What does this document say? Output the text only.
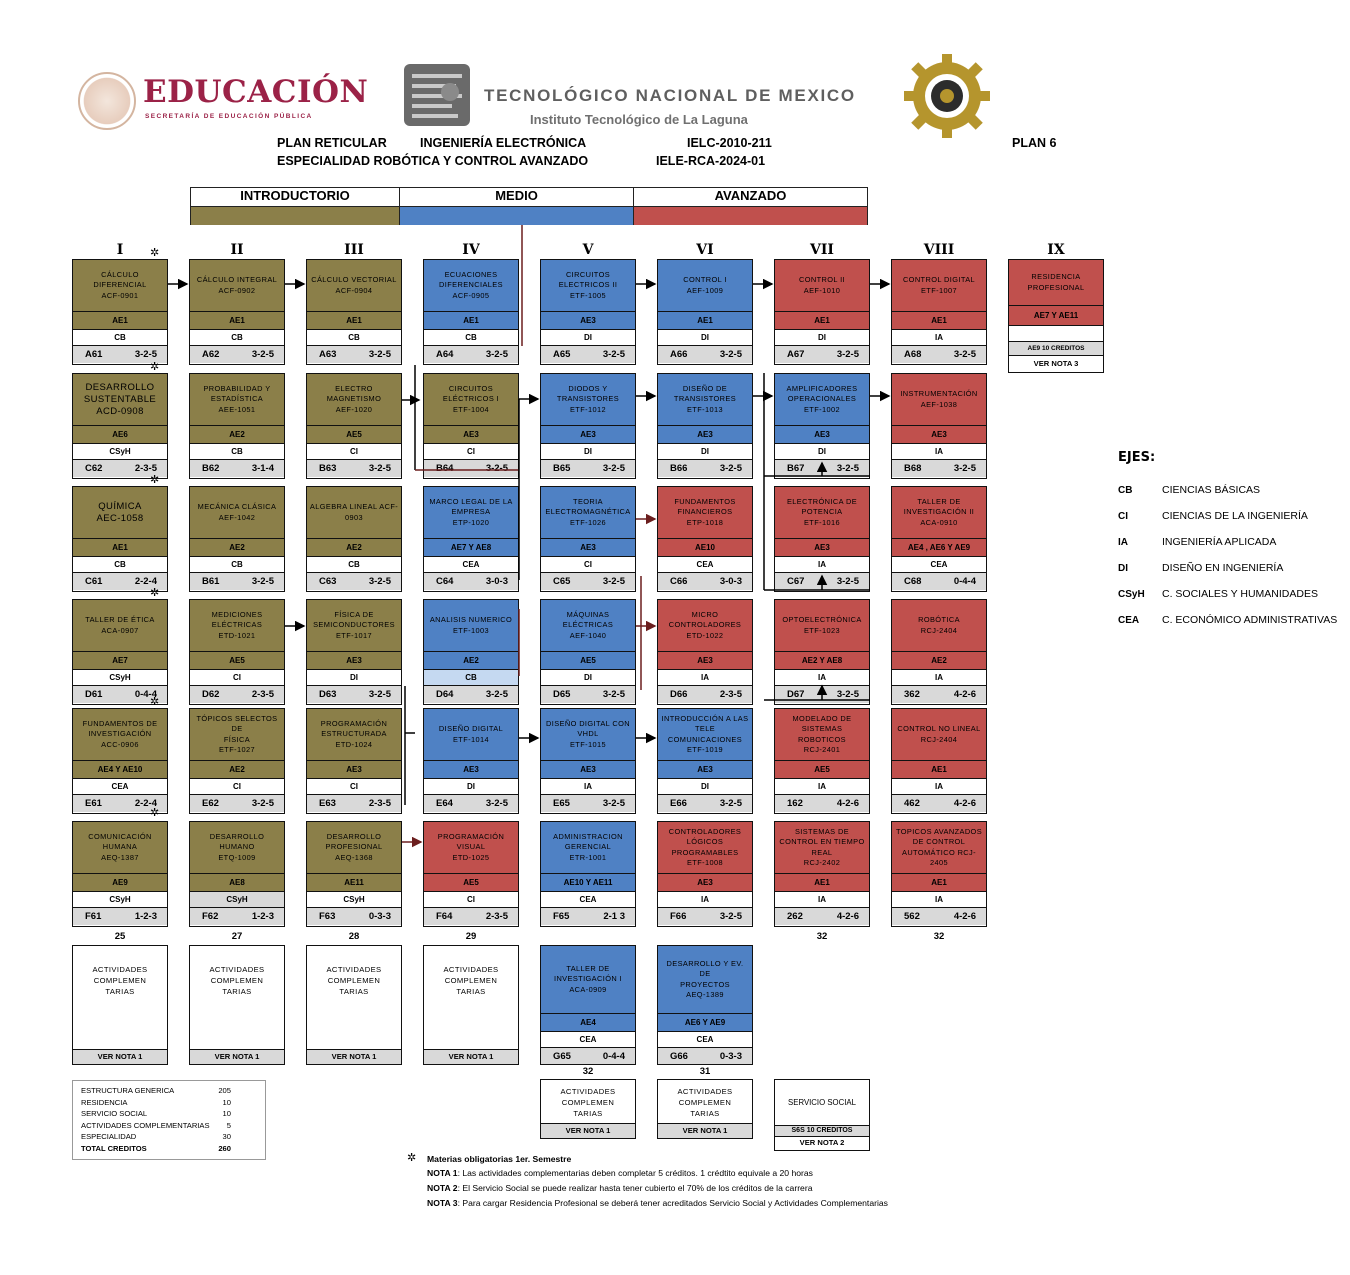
EDUCACIÓN
SECRETARÍA DE EDUCACIÓN PÚBLICA
TECNOLÓGICO NACIONAL DE MEXICO
Instituto Tecnológico de La Laguna
PLAN RETICULAR	INGENIERÍA ELECTRÓNICA	IELC-2010-211	PLAN 6
ESPECIALIDAD ROBÓTICA Y CONTROL AVANZADO	IELE-RCA-2024-01
INTRODUCTORIO	MEDIO	AVANZADO
I	II	III	IV	V	VI	VII	VIII	IX
CÁLCULO DIFERENCIAL
ACF-0901
AE1
CB
A61	3-2-5
CÁLCULO INTEGRAL
ACF-0902
AE1
CB
A62	3-2-5
CÁLCULO VECTORIAL
ACF-0904
AE1
CB
A63	3-2-5
ECUACIONES
DIFERENCIALES
ACF-0905
AE1
CB
A64	3-2-5
CIRCUITOS
ELECTRICOS II
ETF-1005
AE3
DI
A65	3-2-5
CONTROL I
AEF-1009
AE1
DI
A66	3-2-5
CONTROL II
AEF-1010
AE1
DI
A67	3-2-5
CONTROL DIGITAL
ETF-1007
AE1
IA
A68	3-2-5
DESARROLLO
SUSTENTABLE
ACD-0908
AE6
CSyH
C62	2-3-5
PROBABILIDAD Y
ESTADÍSTICA
AEE-1051
AE2
CB
B62	3-1-4
ELECTRO
MAGNETISMO
AEF-1020
AE5
CI
B63	3-2-5
CIRCUITOS
ELÉCTRICOS I
ETF-1004
AE3
CI
B64	3-2-5
DIODOS Y
TRANSISTORES
ETF-1012
AE3
DI
B65	3-2-5
DISEÑO DE
TRANSISTORES
ETF-1013
AE3
DI
B66	3-2-5
AMPLIFICADORES
OPERACIONALES
ETF-1002
AE3
DI
B67	3-2-5
INSTRUMENTACIÓN
AEF-1038
AE3
IA
B68	3-2-5
QUÍMICA
AEC-1058
AE1
CB
C61	2-2-4
MECÁNICA CLÁSICA
AEF-1042
AE2
CB
B61	3-2-5
ALGEBRA LINEAL ACF-
0903
AE2
CB
C63	3-2-5
MARCO LEGAL DE LA
EMPRESA
ETP-1020
AE7 Y AE8
CEA
C64	3-0-3
TEORIA
ELECTROMAGNÉTICA
ETF-1026
AE3
CI
C65	3-2-5
FUNDAMENTOS
FINANCIEROS
ETP-1018
AE10
CEA
C66	3-0-3
ELECTRÓNICA DE
POTENCIA
ETF-1016
AE3
IA
C67	3-2-5
TALLER DE
INVESTIGACIÓN II
ACA-0910
AE4 , AE6 Y AE9
CEA
C68	0-4-4
TALLER DE ÉTICA
ACA-0907
AE7
CSyH
D61	0-4-4
MEDICIONES
ELÉCTRICAS
ETD-1021
AE5
CI
D62	2-3-5
FÍSICA DE
SEMICONDUCTORES
ETF-1017
AE3
DI
D63	3-2-5
ANALISIS NUMERICO
ETF-1003
AE2
CB
D64	3-2-5
MÁQUINAS
ELÉCTRICAS
AEF-1040
AE5
DI
D65	3-2-5
MICRO
CONTROLADORES
ETD-1022
AE3
IA
D66	2-3-5
OPTOELECTRÓNICA
ETF-1023
AE2 Y AE8
IA
D67	3-2-5
ROBÓTICA
RCJ-2404
AE2
IA
362	4-2-6
FUNDAMENTOS DE
INVESTIGACIÓN
ACC-0906
AE4 Y AE10
CEA
E61	2-2-4
TÓPICOS SELECTOS DE
FÍSICA
ETF-1027
AE2
CI
E62	3-2-5
PROGRAMACIÓN
ESTRUCTURADA
ETD-1024
AE3
CI
E63	2-3-5
DISEÑO DIGITAL
ETF-1014
AE3
DI
E64	3-2-5
DISEÑO DIGITAL CON
VHDL
ETF-1015
AE3
IA
E65	3-2-5
INTRODUCCIÓN A LAS
TELE
COMUNICACIONES
ETF-1019
AE3
DI
E66	3-2-5
MODELADO DE
SISTEMAS ROBOTICOS
RCJ-2401
AE5
IA
162	4-2-6
CONTROL NO LINEAL
RCJ-2404
AE1
IA
462	4-2-6
COMUNICACIÓN
HUMANA
AEQ-1387
AE9
CSyH
F61	1-2-3
DESARROLLO HUMANO
ETQ-1009
AE8
CSyH
F62	1-2-3
DESARROLLO
PROFESIONAL
AEQ-1368
AE11
CSyH
F63	0-3-3
PROGRAMACIÓN
VISUAL
ETD-1025
AE5
CI
F64	2-3-5
ADMINISTRACION
GERENCIAL
ETR-1001
AE10 Y AE11
CEA
F65	2-1 3
CONTROLADORES
LÓGICOS
PROGRAMABLES
ETF-1008
AE3
IA
F66	3-2-5
SISTEMAS DE
CONTROL EN TIEMPO
REAL
RCJ-2402
AE1
IA
262	4-2-6
TOPICOS AVANZADOS
DE CONTROL
AUTOMÁTICO RCJ-
2405
AE1
IA
562	4-2-6
RESIDENCIA
PROFESIONAL
AE7 Y AE11
AE9 10 CREDITOS
VER NOTA 3
25	27	28	29	32	32
ACTIVIDADES
COMPLEMEN
TARIAS
VER NOTA 1
ACTIVIDADES
COMPLEMEN
TARIAS
VER NOTA 1
ACTIVIDADES
COMPLEMEN
TARIAS
VER NOTA 1
ACTIVIDADES
COMPLEMEN
TARIAS
VER NOTA 1
ACTIVIDADES
COMPLEMEN
TARIAS
VER NOTA 1
ACTIVIDADES
COMPLEMEN
TARIAS
VER NOTA 1
TALLER DE
INVESTIGACIÓN I
ACA-0909
AE4
CEA
G65	0-4-4
DESARROLLO Y EV. DE
PROYECTOS
AEQ-1389
AE6 Y AE9
CEA
G66	0-3-3
32	31
SERVICIO SOCIAL
S6S 10 CREDITOS
VER NOTA 2
ESTRUCTURA GENERICA	205
RESIDENCIA	10
SERVICIO SOCIAL	10
ACTIVIDADES COMPLEMENTARIAS 5
ESPECIALIDAD	30
TOTAL CREDITOS	260
✲ Materias obligatorias 1er. Semestre
NOTA 1: Las actividades complementarias deben completar 5 créditos. 1 crédtito equivale a 20 horas
NOTA 2: El Servicio Social se puede realizar hasta tener cubierto el 70% de los créditos de la carrera
NOTA 3: Para cargar Residencia Profesional se deberá tener acreditados Servicio Social y Actividades Complementarias
EJES:
CB	CIENCIAS BÁSICAS
CI	CIENCIAS DE LA INGENIERÍA
IA	INGENIERÍA APLICADA
DI	DISEÑO EN INGENIERÍA
CSyH C. SOCIALES Y HUMANIDADES
CEA C. ECONÓMICO ADMINISTRATIVAS
✲
✲
✲
✲
✲
✲
